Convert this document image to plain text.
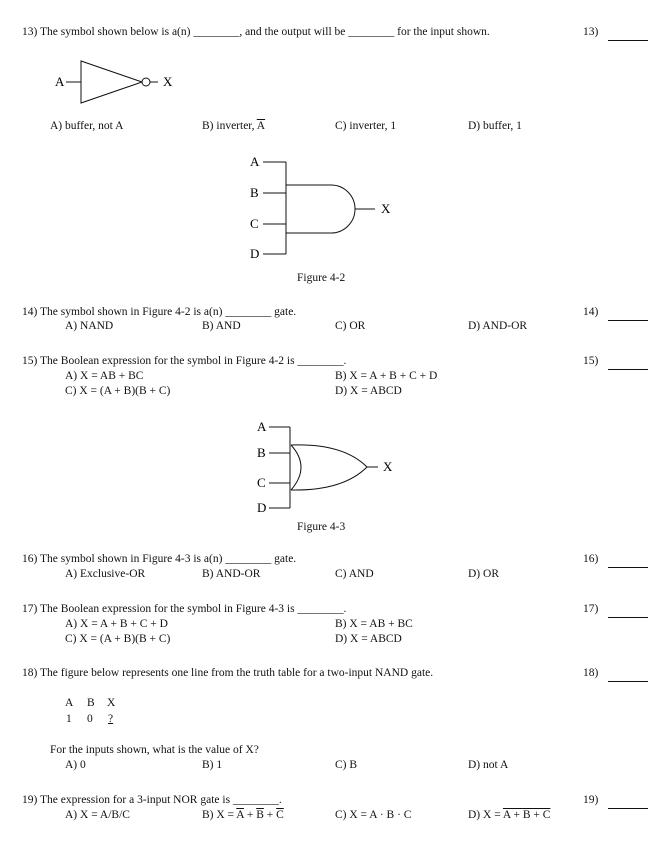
13) The symbol shown below is a(n) ________, and the output will be ________ for the input shown.	13)
A	X
A) buffer, not A	B) inverter, $\overline{A}$	C) inverter, 1	D) buffer, 1
A
B
C
D
X
Figure 4-2
14) The symbol shown in Figure 4-2 is a(n) ________ gate.	14)
A) NAND	B) AND	C) OR	D) AND-OR
15) The Boolean expression for the symbol in Figure 4-2 is ________.	15)
A) X = AB + BC	B) X = A + B + C + D
C) X = (A + B)(B + C)	D) X = ABCD
A
B
C
D
X
Figure 4-3
16) The symbol shown in Figure 4-3 is a(n) ________ gate.	16)
A) Exclusive-OR	B) AND-OR	C) AND	D) OR
17) The Boolean expression for the symbol in Figure 4-3 is ________.	17)
A) X = A + B + C + D	B) X = AB + BC
C) X = (A + B)(B + C)	D) X = ABCD
18) The figure below represents one line from the truth table for a two-input NAND gate.	18)
A B X
1 0 ?
For the inputs shown, what is the value of X?
A) 0	B) 1	C) B	D) not A
19) The expression for a 3-input NOR gate is ________.	19)
A) X = A/B/C	B) $X = \overline{A} + \overline{B} + \overline{C}$	C) X = A · B · C	D) X = A + B + C
